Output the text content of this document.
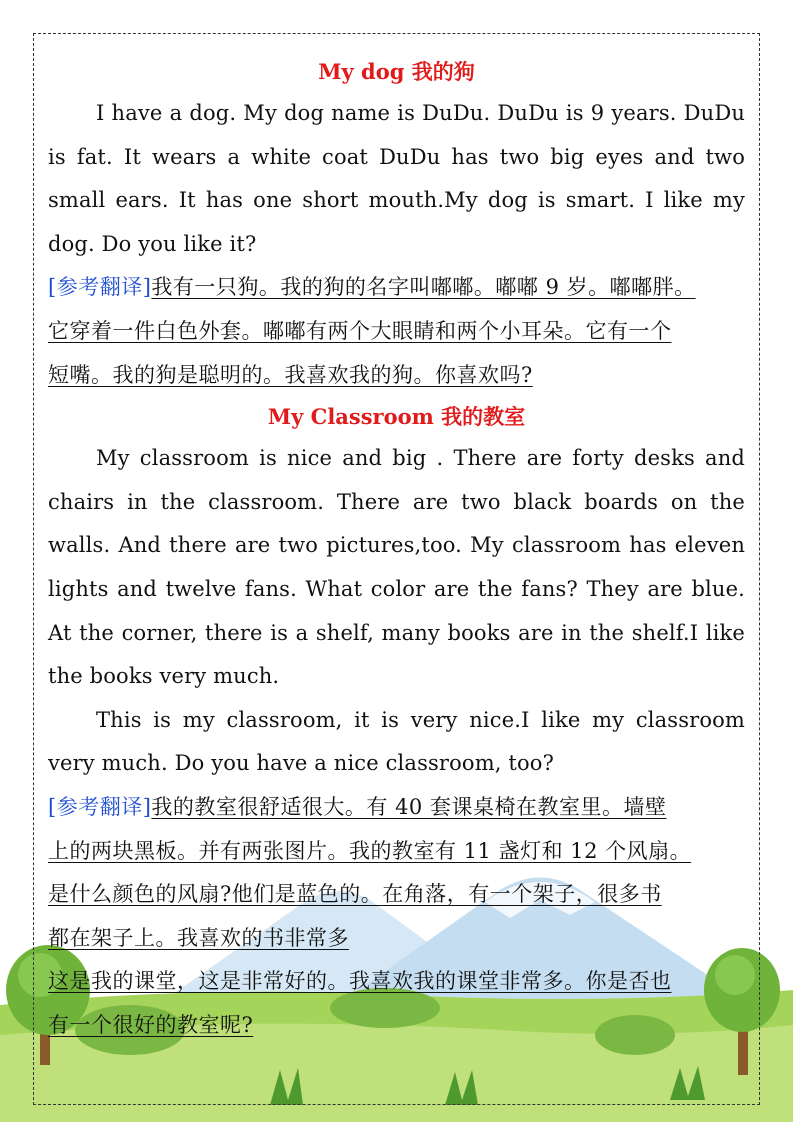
My dog 我的狗

I have a dog. My dog name is DuDu. DuDu is 9 years. DuDu is fat. It wears a white coat DuDu has two big eyes and two small ears. It has one short mouth.My dog is smart. I like my dog. Do you like it?

[参考翻译]我有一只狗。我的狗的名字叫嘟嘟。嘟嘟 9 岁。嘟嘟胖。
它穿着一件白色外套。嘟嘟有两个大眼睛和两个小耳朵。它有一个
短嘴。我的狗是聪明的。我喜欢我的狗。你喜欢吗?
My Classroom 我的教室

My classroom is nice and big . There are forty desks and chairs in the classroom. There are two black boards on the walls. And there are two pictures,too. My classroom has eleven lights and twelve fans. What color are the fans? They are blue. At the corner, there is a shelf, many books are in the shelf.I like the books very much.

This is my classroom, it is very nice.I like my classroom very much. Do you have a nice classroom, too?

[参考翻译]我的教室很舒适很大。有 40 套课桌椅在教室里。墙壁
上的两块黑板。并有两张图片。我的教室有 11 盏灯和 12 个风扇。
是什么颜色的风扇?他们是蓝色的。在角落，有一个架子，很多书
都在架子上。我喜欢的书非常多
这是我的课堂，这是非常好的。我喜欢我的课堂非常多。你是否也
有一个很好的教室呢?
